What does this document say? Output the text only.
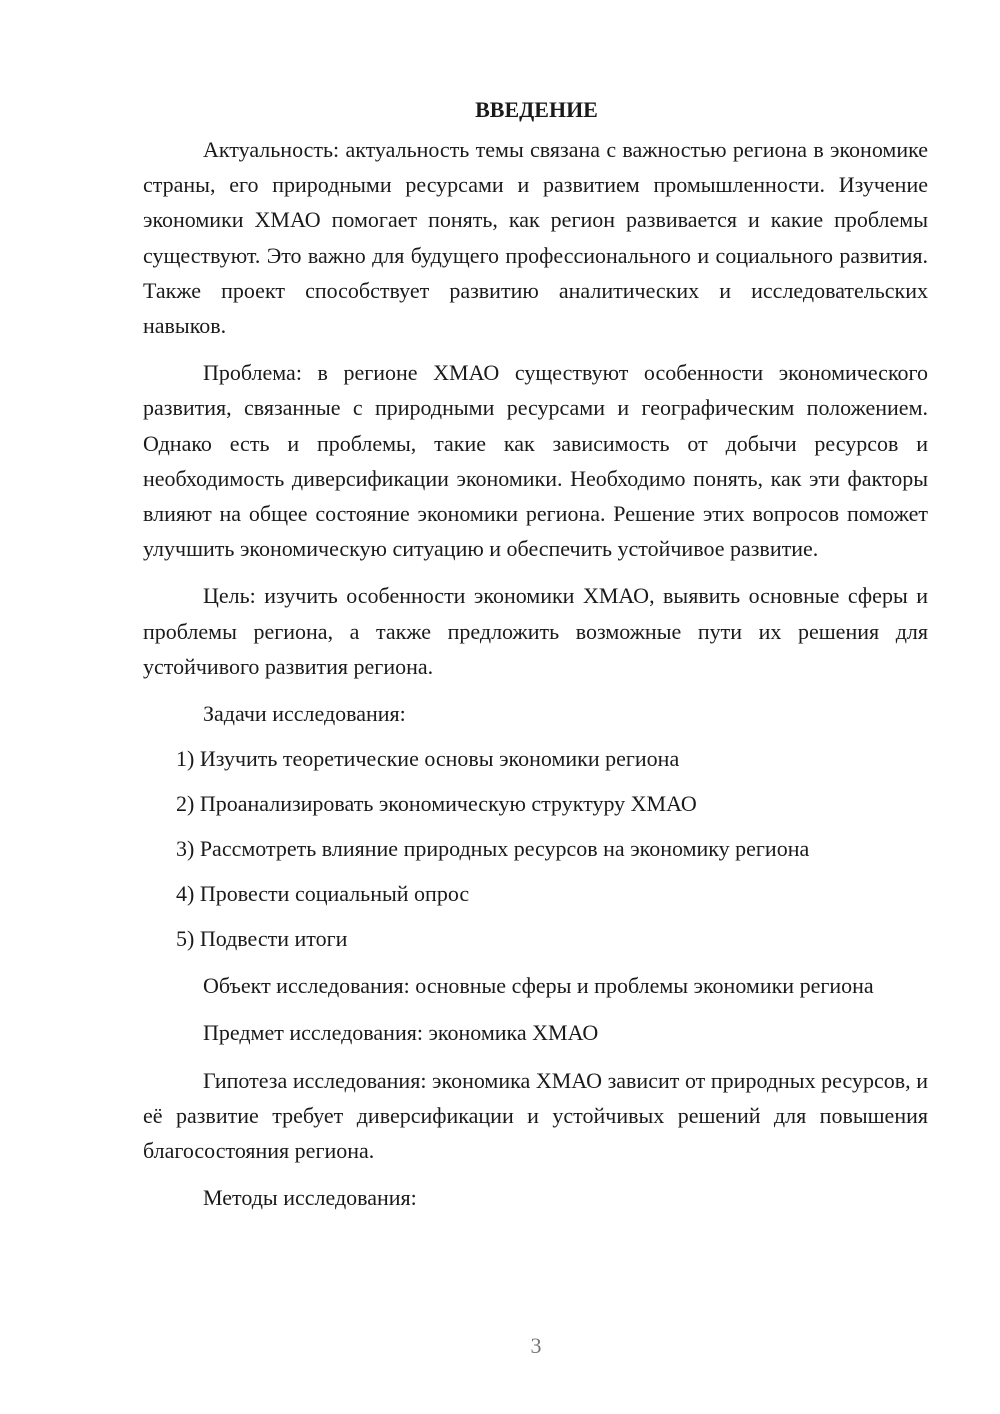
ВВЕДЕНИЕ

Актуальность: актуальность темы связана с важностью региона в экономике страны, его природными ресурсами и развитием промышленности. Изучение экономики ХМАО помогает понять, как регион развивается и какие проблемы существуют. Это важно для будущего профессионального и социального развития. Также проект способствует развитию аналитических и исследовательских навыков.

Проблема: в регионе ХМАО существуют особенности экономического развития, связанные с природными ресурсами и географическим положением. Однако есть и проблемы, такие как зависимость от добычи ресурсов и необходимость диверсификации экономики. Необходимо понять, как эти факторы влияют на общее состояние экономики региона. Решение этих вопросов поможет улучшить экономическую ситуацию и обеспечить устойчивое развитие.

Цель: изучить особенности экономики ХМАО, выявить основные сферы и проблемы региона, а также предложить возможные пути их решения для устойчивого развития региона.

Задачи исследования:

1) Изучить теоретические основы экономики региона

2) Проанализировать экономическую структуру ХМАО

3) Рассмотреть влияние природных ресурсов на экономику региона

4) Провести социальный опрос

5) Подвести итоги

Объект исследования: основные сферы и проблемы экономики региона

Предмет исследования: экономика ХМАО

Гипотеза исследования: экономика ХМАО зависит от природных ресурсов, и её развитие требует диверсификации и устойчивых решений для повышения благосостояния региона.

Методы исследования:

3
